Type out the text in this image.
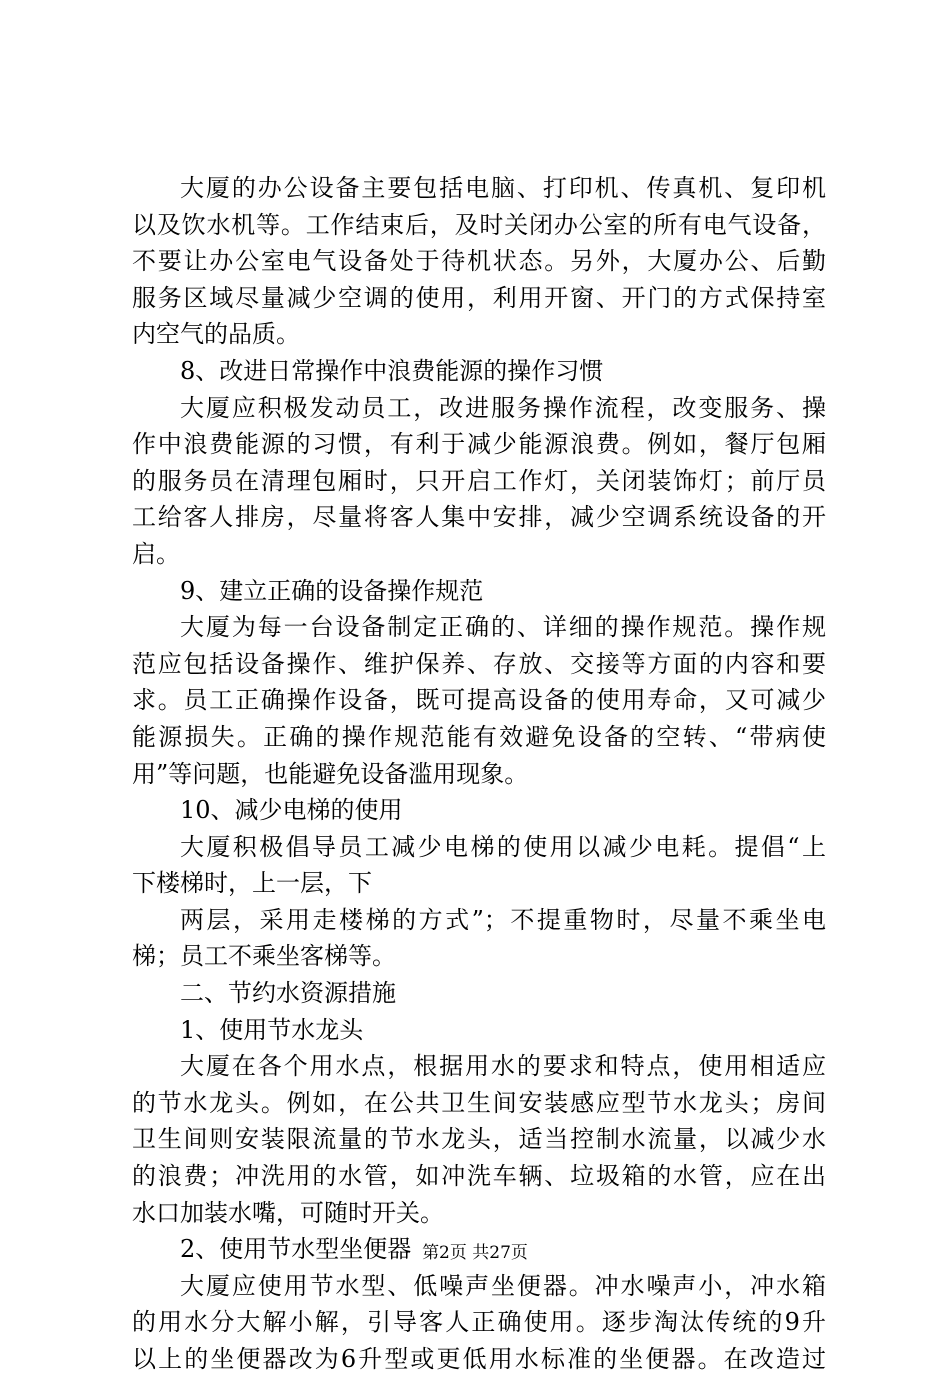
大厦的办公设备主要包括电脑、打印机、传真机、复印机
以及饮水机等。工作结束后，及时关闭办公室的所有电气设备，
不要让办公室电气设备处于待机状态。另外，大厦办公、后勤
服务区域尽量减少空调的使用，利用开窗、开门的方式保持室
内空气的品质。
8、改进日常操作中浪费能源的操作习惯
大厦应积极发动员工，改进服务操作流程，改变服务、操
作中浪费能源的习惯，有利于减少能源浪费。例如，餐厅包厢
的服务员在清理包厢时，只开启工作灯，关闭装饰灯；前厅员
工给客人排房，尽量将客人集中安排，减少空调系统设备的开
启。
9、建立正确的设备操作规范
大厦为每一台设备制定正确的、详细的操作规范。操作规
范应包括设备操作、维护保养、存放、交接等方面的内容和要
求。员工正确操作设备，既可提高设备的使用寿命，又可减少
能源损失。正确的操作规范能有效避免设备的空转、“带病使
用”等问题，也能避免设备滥用现象。
10、减少电梯的使用
大厦积极倡导员工减少电梯的使用以减少电耗。提倡“上
下楼梯时，上一层，下
两层，采用走楼梯的方式”；不提重物时，尽量不乘坐电
梯；员工不乘坐客梯等。
二、节约水资源措施
1、使用节水龙头
大厦在各个用水点，根据用水的要求和特点，使用相适应
的节水龙头。例如，在公共卫生间安装感应型节水龙头；房间
卫生间则安装限流量的节水龙头，适当控制水流量，以减少水
的浪费；冲洗用的水管，如冲洗车辆、垃圾箱的水管，应在出
水口加装水嘴，可随时开关。
2、使用节水型坐便器
大厦应使用节水型、低噪声坐便器。冲水噪声小，冲水箱
的用水分大解小解，引导客人正确使用。逐步淘汰传统的9升
以上的坐便器改为6升型或更低用水标准的坐便器。在改造过
第2页 共27页
